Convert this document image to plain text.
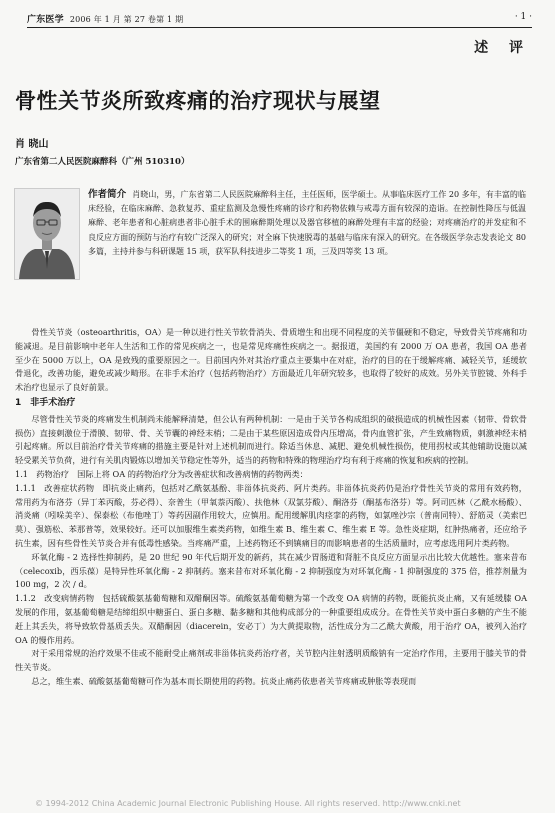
广东医学 2006 年 1 月 第 27 卷第 1 期	· 1 ·
述 评
骨性关节炎所致疼痛的治疗现状与展望
肖 晓山
广东省第二人民医院麻醉科（广州 510310）
作者简介 肖晓山，男，广东省第二人民医院麻醉科主任，主任医师，医学硕士。从事临床医疗工作 20 多年，有丰富的临床经验，在临床麻醉、急救复苏、重症监测及急慢性疼痛的诊疗和药物依赖与戒毒方面有较深的造诣。在控制性降压与低温麻醉、老年患者和心脏病患者非心脏手术的围麻醉期处理以及器官移植的麻醉处理有丰富的经验；对疼痛治疗的并发症和不良反应方面的预防与治疗有较广泛深入的研究；对全麻下快速脱毒的基础与临床有深入的研究。在各级医学杂志发表论文 80 多篇，主持并参与科研课题 15 项，获军队科技进步二等奖 1 项，三及四等奖 13 项。

骨性关节炎（osteoarthritis，OA）是一种以进行性关节软骨消失、骨质增生和出现不同程度的关节僵硬和不稳定，导致骨关节疼痛和功能减退。是目前影响中老年人生活和工作的常见疾病之一，也是常见疼痛性疾病之一。据报道，美国约有 2000 万 OA 患者，我国 OA 患者至少在 5000 万以上，OA 是致残的重要原因之一。目前国内外对其治疗重点主要集中在对症，治疗的目的在于缓解疼痛、减轻关节，延缓软骨退化，改善功能，避免或减少畸形。在非手术治疗（包括药物治疗）方面最近几年研究较多，也取得了较好的成效。另外关节腔镜、外科手术治疗也显示了良好前景。

1　非手术治疗

尽管骨性关节炎的疼痛发生机制尚未能解释清楚，但公认有两种机制：一是由于关节各构成组织的破损造成的机械性因素（韧带、骨软骨损伤）直接刺激位于滑膜、韧带、骨、关节囊的神经末梢；二是由于某些原因造成骨内压增高，骨内血管扩张，产生致痛物质，刺激神经末梢引起疼痛。所以目前治疗骨关节疼痛的措施主要是针对上述机制而进行。除适当休息、减肥、避免机械性损伤，使用拐杖或其他辅助设施以减轻受累关节负荷，进行有关肌肉锻炼以增加关节稳定性等外，适当的药物和特殊的物理治疗均有利于疼痛的恢复和疾病的控制。

1.1　药物治疗　国际上将 OA 的药物治疗分为改善症状和改善病情的药物两类：

1.1.1　改善症状药物　即抗炎止痛药，包括对乙酰氨基酚、非甾体抗炎药、阿片类药。非甾体抗炎药仍是治疗骨性关节炎的常用有效药物，常用药为布洛芬（异丁苯丙酸，芬必得）、奈普生（甲氧萘丙酸）、扶他林（双氯芬酸）、酮洛芬（酮基布洛芬）等。阿司匹林（乙酰水杨酸）、消炎痛（吲哚美辛）、保泰松（布他唑丁）等药因副作用较大，应慎用。配用缓解肌肉痉挛的药物，如氯唑沙宗（普南同特）、舒筋灵（美索巴莫）、强筋松、苯那普等，效果较好。还可以加服维生素类药物，如维生素 B、维生素 C、维生素 E 等。急性炎症期，红肿热痛者，还应给予抗生素，因有些骨性关节炎合并有低毒性感染。当疼痛严重，上述药物还不到镇痛目的而影响患者的生活质量时，应考虑选用阿片类药物。

环氧化酶 - 2 选择性抑制药，是 20 世纪 90 年代后期开发的新药，其在减少胃肠道和肾脏不良反应方面显示出比较大优越性。塞来昔布（celecoxib，西乐葆）是特异性环氧化酶 - 2 抑制药。塞来昔布对环氧化酶 - 2 抑制强度为对环氧化酶 - 1 抑制强度的 375 倍，推荐剂量为 100 mg，2 次 / d。

1.1.2　改变病情药物　包括硫酸氨基葡萄糖和双醋酮因等。硫酸氨基葡萄糖为第一个改变 OA 病情的药物，既能抗炎止痛，又有延缓膝 OA 发展的作用，氨基葡萄糖是结缔组织中糖蛋白、蛋白多糖、黏多糖和其他构成部分的一种重要组成成分。在骨性关节炎中蛋白多糖的产生不能赶上其丢失，将导致软骨基质丢失。双醋酮因（diacerein，安必丁）为大黄提取物，活性成分为二乙酰大黄酸，用于治疗 OA，被列入治疗 OA 的慢作用药。

对于采用常规的治疗效果不佳或不能耐受止痛剂或非甾体抗炎药治疗者，关节腔内注射透明质酸钠有一定治疗作用，主要用于膝关节的骨性关节炎。

总之，维生素、硫酸氨基葡萄糖可作为基本而长期使用的药物。抗炎止痛药依患者关节疼痛或肿胀等表现而

© 1994-2012 China Academic Journal Electronic Publishing House. All rights reserved. http://www.cnki.net
